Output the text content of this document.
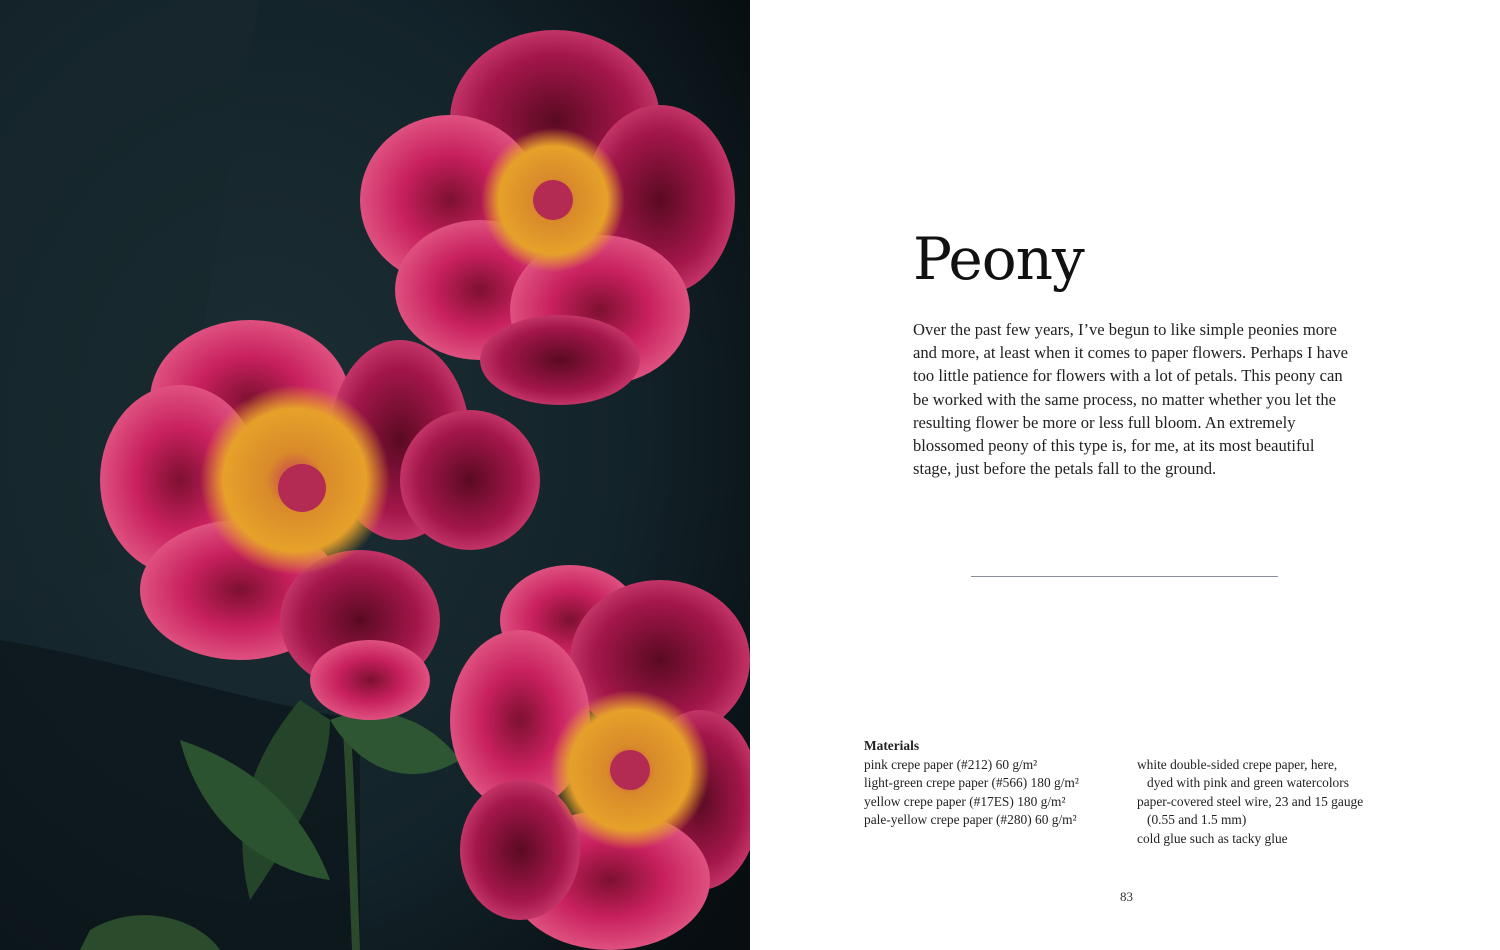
Peony

Over the past few years, I’ve begun to like simple peonies more and more, at least when it comes to paper flowers. Perhaps I have too little patience for flowers with a lot of petals. This peony can be worked with the same process, no matter whether you let the resulting flower be more or less full bloom. An extremely blossomed peony of this type is, for me, at its most beautiful stage, just before the petals fall to the ground.

Materials
pink crepe paper (#212) 60 g/m²
light-green crepe paper (#566) 180 g/m²
yellow crepe paper (#17ES) 180 g/m²
pale-yellow crepe paper (#280) 60 g/m²
white double-sided crepe paper, here,
dyed with pink and green watercolors
paper-covered steel wire, 23 and 15 gauge
(0.55 and 1.5 mm)
cold glue such as tacky glue
83
